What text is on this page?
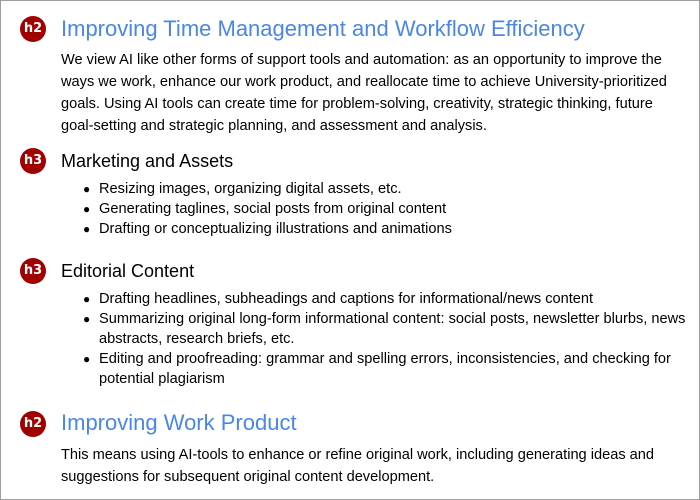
h2 Improving Time Management and Workflow Efficiency

We view AI like other forms of support tools and automation: as an opportunity to improve the ways we work, enhance our work product, and reallocate time to achieve University-prioritized goals. Using AI tools can create time for problem-solving, creativity, strategic thinking, future goal-setting and strategic planning, and assessment and analysis.

h3 Marketing and Assets
● Resizing images, organizing digital assets, etc.
● Generating taglines, social posts from original content
● Drafting or conceptualizing illustrations and animations
h3 Editorial Content
● Drafting headlines, subheadings and captions for informational/news content
● Summarizing original long-form informational content: social posts, newsletter blurbs, news abstracts, research briefs, etc.
● Editing and proofreading: grammar and spelling errors, inconsistencies, and checking for potential plagiarism
h2 Improving Work Product

This means using AI-tools to enhance or refine original work, including generating ideas and suggestions for subsequent original content development.
